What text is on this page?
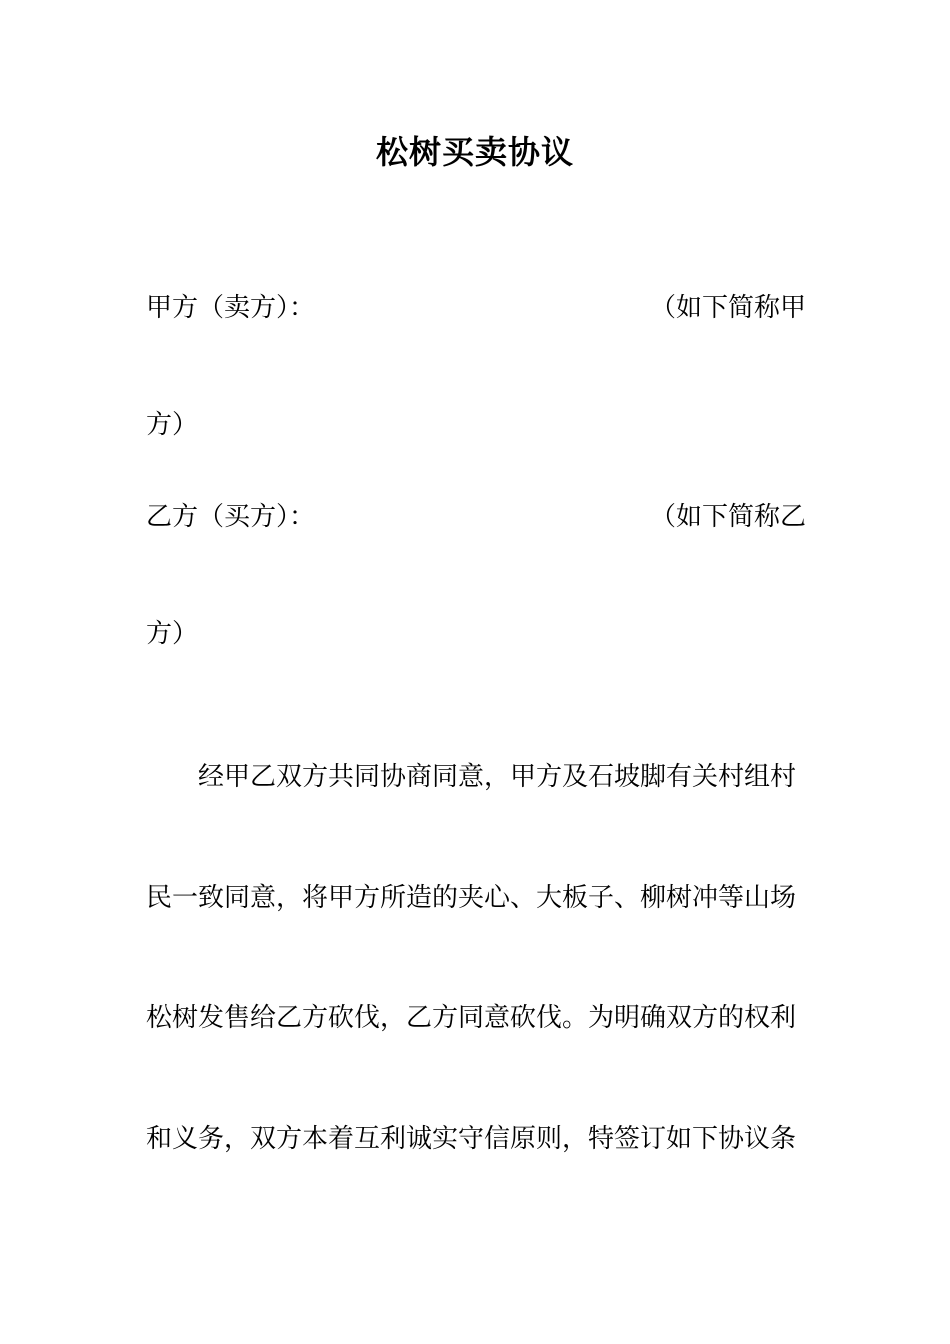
松树买卖协议
甲方（卖方）：	（如下简称甲
方）
乙方（买方）：	（如下简称乙
方）
经甲乙双方共同协商同意，甲方及石坡脚有关村组村
民一致同意，将甲方所造的夹心、大板子、柳树冲等山场
松树发售给乙方砍伐，乙方同意砍伐。为明确双方的权利
和义务，双方本着互利诚实守信原则，特签订如下协议条
